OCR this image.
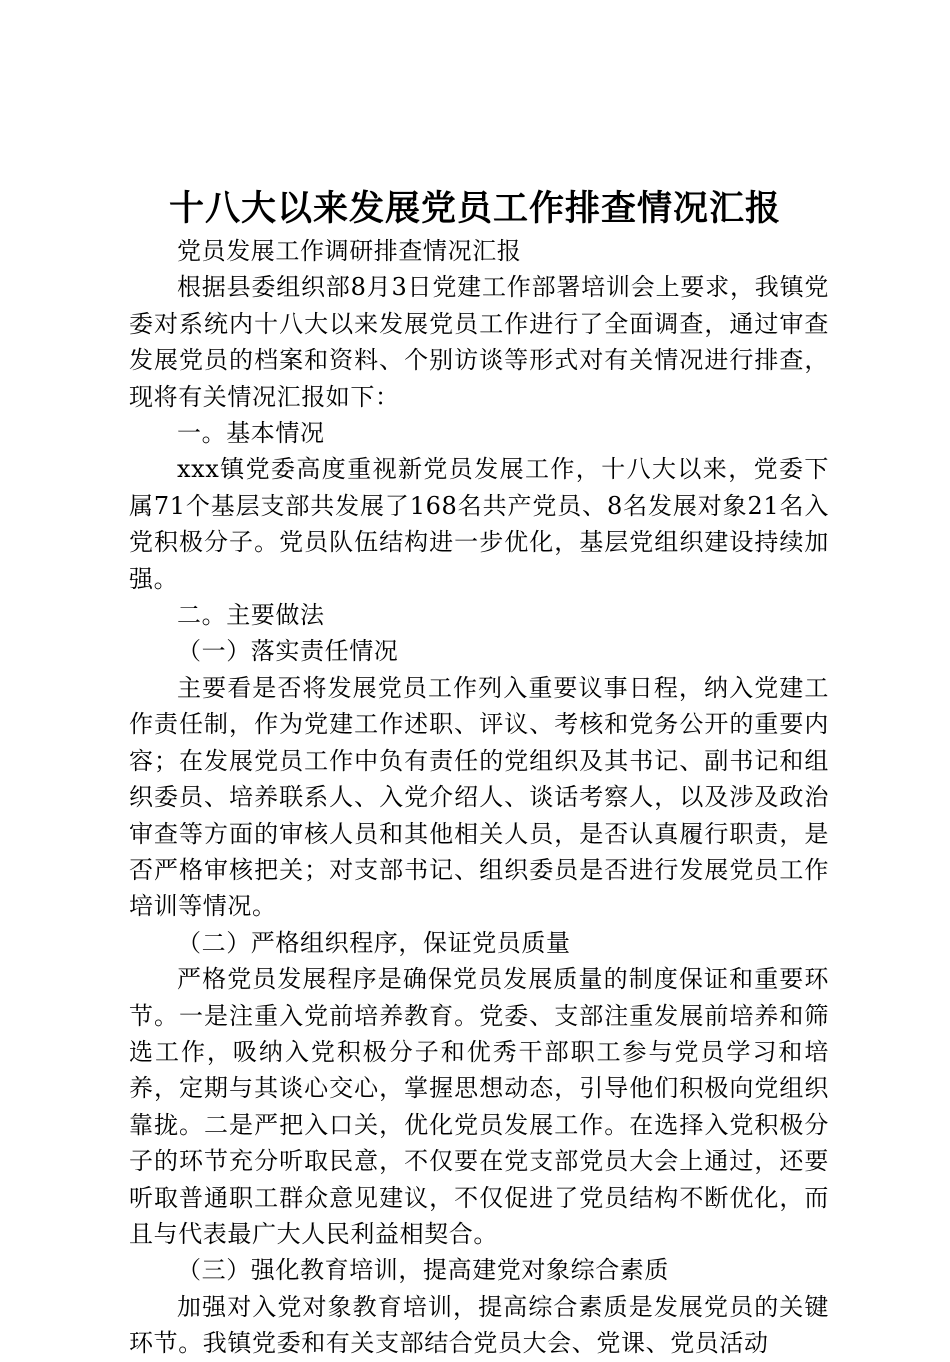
十八大以来发展党员工作排查情况汇报

党员发展工作调研排查情况汇报

根据县委组织部8月3日党建工作部署培训会上要求，我镇党委对系统内十八大以来发展党员工作进行了全面调查，通过审查发展党员的档案和资料、个别访谈等形式对有关情况进行排查，现将有关情况汇报如下：

一。基本情况

xxx镇党委高度重视新党员发展工作，十八大以来，党委下属71个基层支部共发展了168名共产党员、8名发展对象21名入党积极分子。党员队伍结构进一步优化，基层党组织建设持续加强。

二。主要做法

（一）落实责任情况

主要看是否将发展党员工作列入重要议事日程，纳入党建工作责任制，作为党建工作述职、评议、考核和党务公开的重要内容；在发展党员工作中负有责任的党组织及其书记、副书记和组织委员、培养联系人、入党介绍人、谈话考察人，以及涉及政治审查等方面的审核人员和其他相关人员，是否认真履行职责，是否严格审核把关；对支部书记、组织委员是否进行发展党员工作培训等情况。

（二）严格组织程序，保证党员质量

严格党员发展程序是确保党员发展质量的制度保证和重要环节。一是注重入党前培养教育。党委、支部注重发展前培养和筛选工作，吸纳入党积极分子和优秀干部职工参与党员学习和培养，定期与其谈心交心，掌握思想动态，引导他们积极向党组织靠拢。二是严把入口关，优化党员发展工作。在选择入党积极分子的环节充分听取民意，不仅要在党支部党员大会上通过，还要听取普通职工群众意见建议，不仅促进了党员结构不断优化，而且与代表最广大人民利益相契合。

（三）强化教育培训，提高建党对象综合素质

加强对入党对象教育培训，提高综合素质是发展党员的关键环节。我镇党委和有关支部结合党员大会、党课、党员活动
